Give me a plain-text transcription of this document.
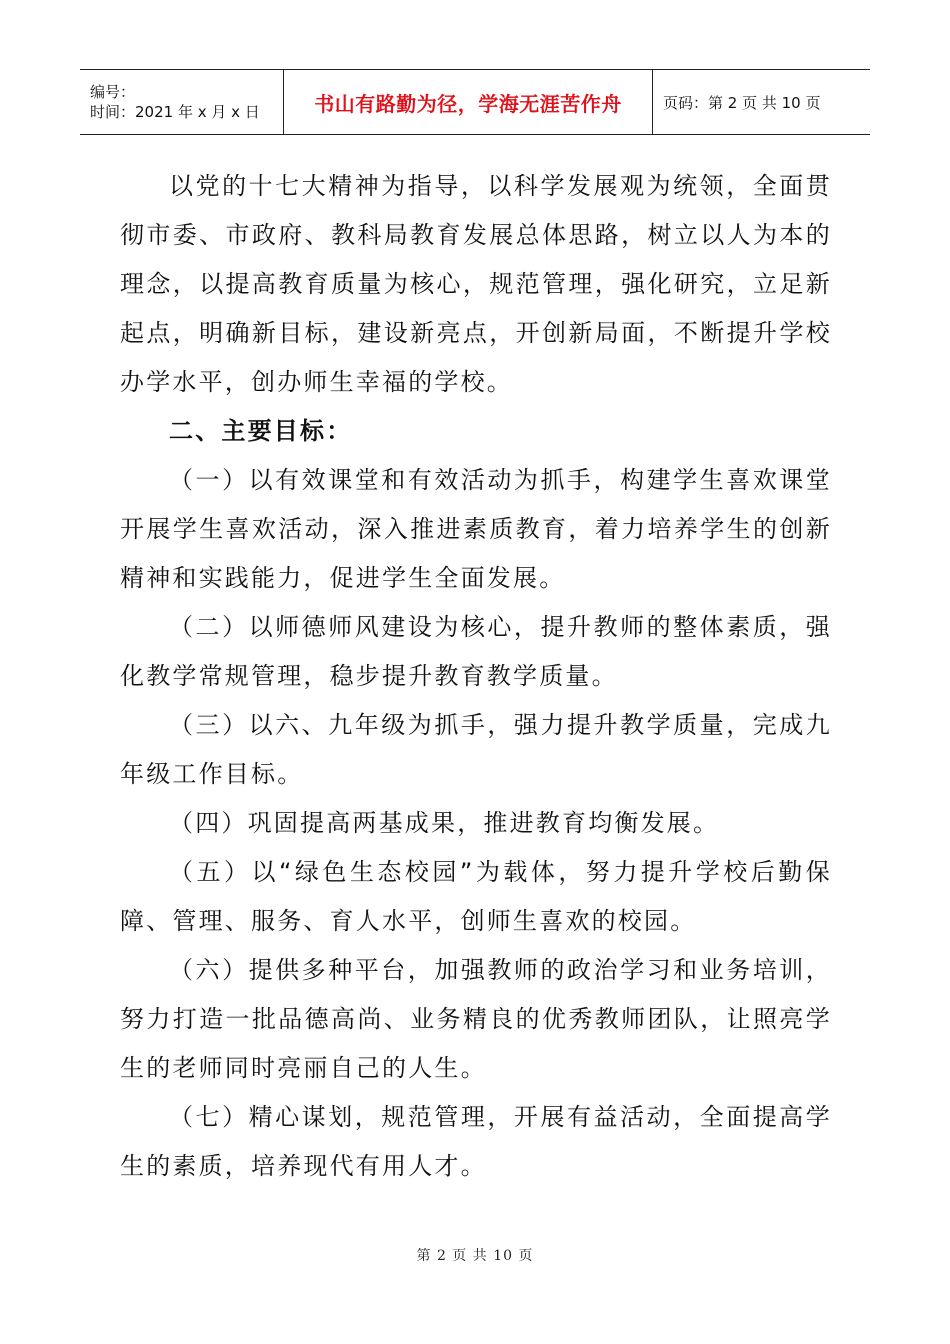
编号：
时间：2021 年 x 月 x 日	书山有路勤为径，学海无涯苦作舟	页码：第 2 页 共 10 页

以党的十七大精神为指导，以科学发展观为统领，全面贯彻市委、市政府、教科局教育发展总体思路，树立以人为本的理念，以提高教育质量为核心，规范管理，强化研究，立足新起点，明确新目标，建设新亮点，开创新局面，不断提升学校办学水平，创办师生幸福的学校。

二、主要目标：

（一）以有效课堂和有效活动为抓手，构建学生喜欢课堂开展学生喜欢活动，深入推进素质教育，着力培养学生的创新精神和实践能力，促进学生全面发展。

（二）以师德师风建设为核心，提升教师的整体素质，强化教学常规管理，稳步提升教育教学质量。

（三）以六、九年级为抓手，强力提升教学质量，完成九年级工作目标。

（四）巩固提高两基成果，推进教育均衡发展。

（五）以“绿色生态校园”为载体，努力提升学校后勤保障、管理、服务、育人水平，创师生喜欢的校园。

（六）提供多种平台，加强教师的政治学习和业务培训，努力打造一批品德高尚、业务精良的优秀教师团队，让照亮学生的老师同时亮丽自己的人生。

（七）精心谋划，规范管理，开展有益活动，全面提高学生的素质，培养现代有用人才。

第 2 页 共 10 页
